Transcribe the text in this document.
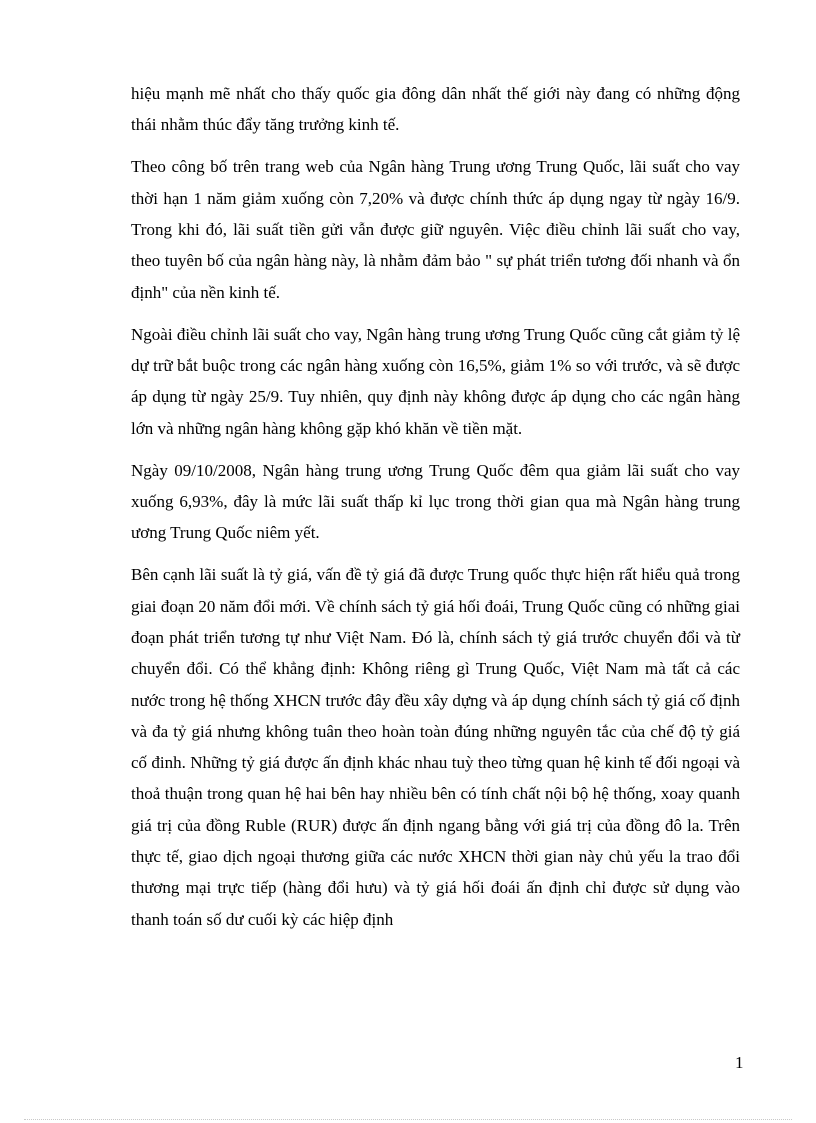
hiệu mạnh mẽ nhất cho thấy quốc gia đông dân nhất thế giới này đang có những động thái nhằm thúc đẩy tăng trưởng kinh tế.

Theo công bố trên trang web của Ngân hàng Trung ương Trung Quốc, lãi suất cho vay thời hạn 1 năm giảm xuống còn 7,20% và được chính thức áp dụng ngay từ ngày 16/9. Trong khi đó, lãi suất tiền gửi vẫn được giữ nguyên. Việc điều chỉnh lãi suất cho vay, theo tuyên bố của ngân hàng này, là nhằm đảm bảo " sự phát triển tương đối nhanh và ổn định" của nền kinh tế.

Ngoài điều chỉnh lãi suất cho vay, Ngân hàng trung ương Trung Quốc cũng cắt giảm tỷ lệ dự trữ bắt buộc trong các ngân hàng xuống còn 16,5%, giảm 1% so với trước, và sẽ được áp dụng từ ngày 25/9. Tuy nhiên, quy định này không được áp dụng cho các ngân hàng lớn và những ngân hàng không gặp khó khăn về tiền mặt.

Ngày 09/10/2008, Ngân hàng trung ương Trung Quốc đêm qua giảm lãi suất cho vay xuống 6,93%, đây là mức lãi suất thấp kỉ lục trong thời gian qua mà Ngân hàng trung ương Trung Quốc niêm yết.

Bên cạnh lãi suất là tỷ giá, vấn đề tỷ giá đã được Trung quốc thực hiện rất hiểu quả trong giai đoạn 20 năm đổi mới. Về chính sách tỷ giá hối đoái, Trung Quốc cũng có những giai đoạn phát triển tương tự như Việt Nam. Đó là, chính sách tỷ giá trước chuyển đổi và từ chuyển đổi. Có thể khẳng định: Không riêng gì Trung Quốc, Việt Nam mà tất cả các nước trong hệ thống XHCN trước đây đều xây dựng và áp dụng chính sách tỷ giá cố định và đa tỷ giá nhưng không tuân theo hoàn toàn đúng những nguyên tắc của chế độ tỷ giá cố đinh. Những tỷ giá được ấn định khác nhau tuỳ theo từng quan hệ kinh tế đối ngoại và thoả thuận trong quan hệ hai bên hay nhiều bên có tính chất nội bộ hệ thống, xoay quanh giá trị của đồng Ruble (RUR) được ấn định ngang bằng với giá trị của đồng đô la. Trên thực tế, giao dịch ngoại thương giữa các nước XHCN thời gian này chủ yếu la trao đổi thương mại trực tiếp (hàng đổi hưu) và tỷ giá hối đoái ấn định chỉ được sử dụng vào thanh toán số dư cuối kỳ các hiệp định

1
